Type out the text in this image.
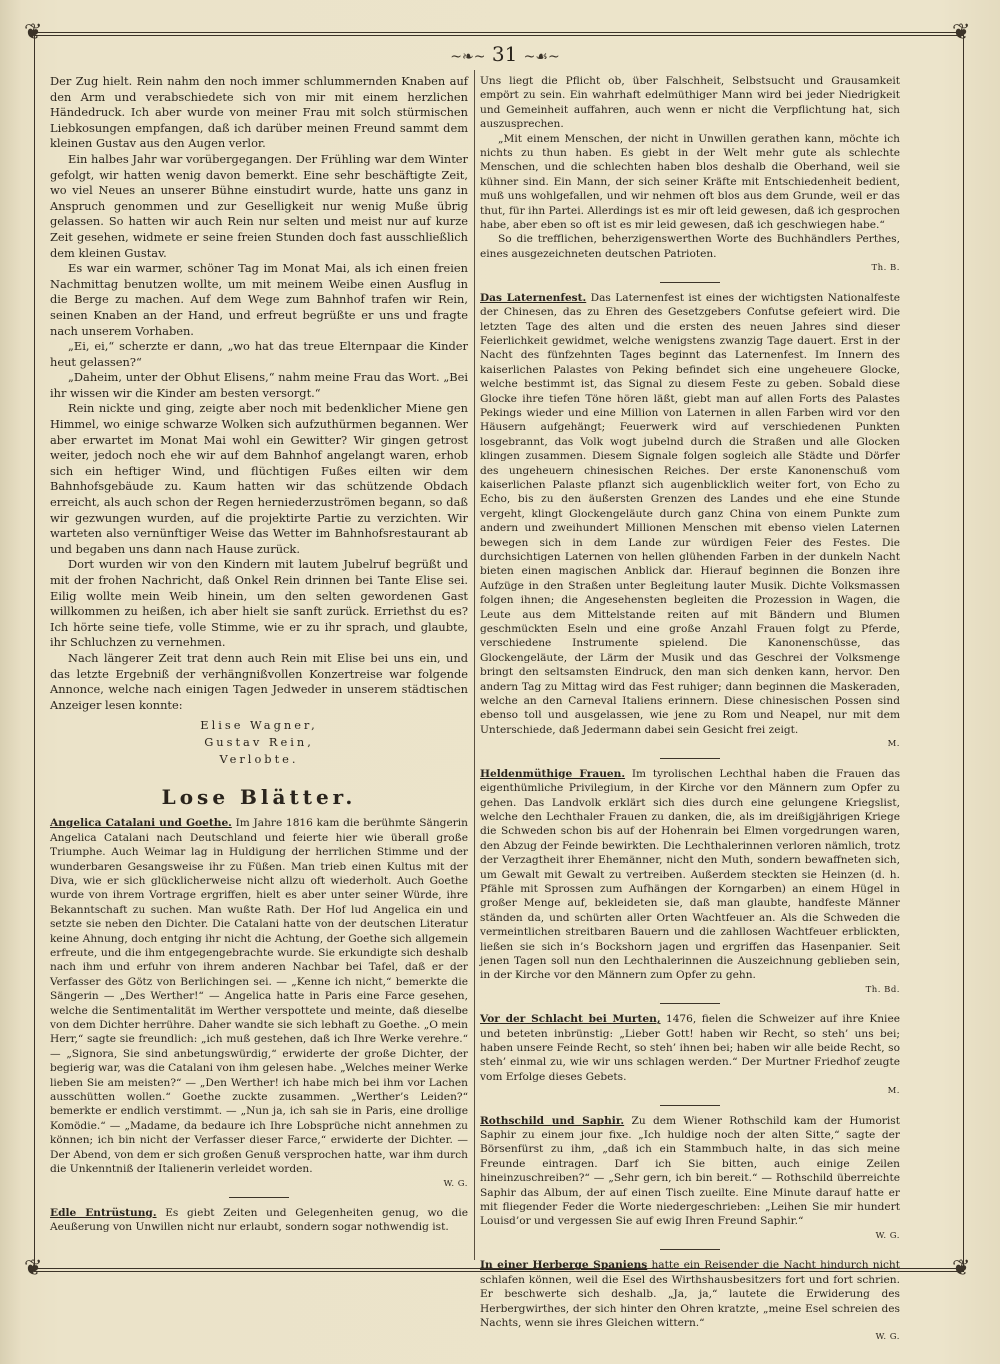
❦	❦
❦	❦
~❧~ 31 ~☙~

Der Zug hielt. Rein nahm den noch immer schlummernden Knaben auf den Arm und verabschiedete sich von mir mit einem herzlichen Händedruck. Ich aber wurde von meiner Frau mit solch stürmischen Liebkosungen empfangen, daß ich darüber meinen Freund sammt dem kleinen Gustav aus den Augen verlor.

Ein halbes Jahr war vorübergegangen. Der Frühling war dem Winter gefolgt, wir hatten wenig davon bemerkt. Eine sehr beschäftigte Zeit, wo viel Neues an unserer Bühne einstudirt wurde, hatte uns ganz in Anspruch genommen und zur Geselligkeit nur wenig Muße übrig gelassen. So hatten wir auch Rein nur selten und meist nur auf kurze Zeit gesehen, widmete er seine freien Stunden doch fast ausschließlich dem kleinen Gustav.

Es war ein warmer, schöner Tag im Monat Mai, als ich einen freien Nachmittag benutzen wollte, um mit meinem Weibe einen Ausflug in die Berge zu machen. Auf dem Wege zum Bahnhof trafen wir Rein, seinen Knaben an der Hand, und erfreut begrüßte er uns und fragte nach unserem Vorhaben.

„Ei, ei,“ scherzte er dann, „wo hat das treue Elternpaar die Kinder heut gelassen?“

„Daheim, unter der Obhut Elisens,“ nahm meine Frau das Wort. „Bei ihr wissen wir die Kinder am besten versorgt.“

Rein nickte und ging, zeigte aber noch mit bedenklicher Miene gen Himmel, wo einige schwarze Wolken sich aufzuthürmen begannen. Wer aber erwartet im Monat Mai wohl ein Gewitter? Wir gingen getrost weiter, jedoch noch ehe wir auf dem Bahnhof angelangt waren, erhob sich ein heftiger Wind, und flüchtigen Fußes eilten wir dem Bahnhofsgebäude zu. Kaum hatten wir das schützende Obdach erreicht, als auch schon der Regen herniederzuströmen begann, so daß wir gezwungen wurden, auf die projektirte Partie zu verzichten. Wir warteten also vernünftiger Weise das Wetter im Bahnhofsrestaurant ab und begaben uns dann nach Hause zurück.

Dort wurden wir von den Kindern mit lautem Jubelruf begrüßt und mit der frohen Nachricht, daß Onkel Rein drinnen bei Tante Elise sei. Eilig wollte mein Weib hinein, um den selten gewordenen Gast willkommen zu heißen, ich aber hielt sie sanft zurück. Erriethst du es? Ich hörte seine tiefe, volle Stimme, wie er zu ihr sprach, und glaubte, ihr Schluchzen zu vernehmen.

Nach längerer Zeit trat denn auch Rein mit Elise bei uns ein, und das letzte Ergebniß der verhängnißvollen Konzertreise war folgende Annonce, welche nach einigen Tagen Jedweder in unserem städtischen Anzeiger lesen konnte:

Elise Wagner,
Gustav Rein,
Verlobte.
Lose Blätter.

Angelica Catalani und Goethe. Im Jahre 1816 kam die berühmte Sängerin Angelica Catalani nach Deutschland und feierte hier wie überall große Triumphe. Auch Weimar lag in Huldigung der herrlichen Stimme und der wunderbaren Gesangsweise ihr zu Füßen. Man trieb einen Kultus mit der Diva, wie er sich glücklicherweise nicht allzu oft wiederholt. Auch Goethe wurde von ihrem Vortrage ergriffen, hielt es aber unter seiner Würde, ihre Bekanntschaft zu suchen. Man wußte Rath. Der Hof lud Angelica ein und setzte sie neben den Dichter. Die Catalani hatte von der deutschen Literatur keine Ahnung, doch entging ihr nicht die Achtung, der Goethe sich allgemein erfreute, und die ihm entgegengebrachte wurde. Sie erkundigte sich deshalb nach ihm und erfuhr von ihrem anderen Nachbar bei Tafel, daß er der Verfasser des Götz von Berlichingen sei. — „Kenne ich nicht,“ bemerkte die Sängerin — „Des Werther!“ — Angelica hatte in Paris eine Farce gesehen, welche die Sentimentalität im Werther verspottete und meinte, daß dieselbe von dem Dichter herrühre. Daher wandte sie sich lebhaft zu Goethe. „O mein Herr,“ sagte sie freundlich: „ich muß gestehen, daß ich Ihre Werke verehre.“ — „Signora, Sie sind anbetungswürdig,“ erwiderte der große Dichter, der begierig war, was die Catalani von ihm gelesen habe. „Welches meiner Werke lieben Sie am meisten?“ — „Den Werther! ich habe mich bei ihm vor Lachen ausschütten wollen.“ Goethe zuckte zusammen. „Werther’s Leiden?“ bemerkte er endlich verstimmt. — „Nun ja, ich sah sie in Paris, eine drollige Komödie.“ — „Madame, da bedaure ich Ihre Lobsprüche nicht annehmen zu können; ich bin nicht der Verfasser dieser Farce,“ erwiderte der Dichter. — Der Abend, von dem er sich großen Genuß versprochen hatte, war ihm durch die Unkenntniß der Italienerin verleidet worden.

W. G.

Edle Entrüstung. Es giebt Zeiten und Gelegenheiten genug, wo die Aeußerung von Unwillen nicht nur erlaubt, sondern sogar nothwendig ist.

Uns liegt die Pflicht ob, über Falschheit, Selbstsucht und Grausamkeit empört zu sein. Ein wahrhaft edelmüthiger Mann wird bei jeder Niedrigkeit und Gemeinheit auffahren, auch wenn er nicht die Verpflichtung hat, sich auszusprechen.

„Mit einem Menschen, der nicht in Unwillen gerathen kann, möchte ich nichts zu thun haben. Es giebt in der Welt mehr gute als schlechte Menschen, und die schlechten haben blos deshalb die Oberhand, weil sie kühner sind. Ein Mann, der sich seiner Kräfte mit Entschiedenheit bedient, muß uns wohlgefallen, und wir nehmen oft blos aus dem Grunde, weil er das thut, für ihn Partei. Allerdings ist es mir oft leid gewesen, daß ich gesprochen habe, aber eben so oft ist es mir leid gewesen, daß ich geschwiegen habe.“

So die trefflichen, beherzigenswerthen Worte des Buchhändlers Perthes, eines ausgezeichneten deutschen Patrioten.

Th. B.

Das Laternenfest. Das Laternenfest ist eines der wichtigsten Nationalfeste der Chinesen, das zu Ehren des Gesetzgebers Confutse gefeiert wird. Die letzten Tage des alten und die ersten des neuen Jahres sind dieser Feierlichkeit gewidmet, welche wenigstens zwanzig Tage dauert. Erst in der Nacht des fünfzehnten Tages beginnt das Laternenfest. Im Innern des kaiserlichen Palastes von Peking befindet sich eine ungeheuere Glocke, welche bestimmt ist, das Signal zu diesem Feste zu geben. Sobald diese Glocke ihre tiefen Töne hören läßt, giebt man auf allen Forts des Palastes Pekings wieder und eine Million von Laternen in allen Farben wird vor den Häusern aufgehängt; Feuerwerk wird auf verschiedenen Punkten losgebrannt, das Volk wogt jubelnd durch die Straßen und alle Glocken klingen zusammen. Diesem Signale folgen sogleich alle Städte und Dörfer des ungeheuern chinesischen Reiches. Der erste Kanonenschuß vom kaiserlichen Palaste pflanzt sich augenblicklich weiter fort, von Echo zu Echo, bis zu den äußersten Grenzen des Landes und ehe eine Stunde vergeht, klingt Glockengeläute durch ganz China von einem Punkte zum andern und zweihundert Millionen Menschen mit ebenso vielen Laternen bewegen sich in dem Lande zur würdigen Feier des Festes. Die durchsichtigen Laternen von hellen glühenden Farben in der dunkeln Nacht bieten einen magischen Anblick dar. Hierauf beginnen die Bonzen ihre Aufzüge in den Straßen unter Begleitung lauter Musik. Dichte Volksmassen folgen ihnen; die Angesehensten begleiten die Prozession in Wagen, die Leute aus dem Mittelstande reiten auf mit Bändern und Blumen geschmückten Eseln und eine große Anzahl Frauen folgt zu Pferde, verschiedene Instrumente spielend. Die Kanonenschüsse, das Glockengeläute, der Lärm der Musik und das Geschrei der Volksmenge bringt den seltsamsten Eindruck, den man sich denken kann, hervor. Den andern Tag zu Mittag wird das Fest ruhiger; dann beginnen die Maskeraden, welche an den Carneval Italiens erinnern. Diese chinesischen Possen sind ebenso toll und ausgelassen, wie jene zu Rom und Neapel, nur mit dem Unterschiede, daß Jedermann dabei sein Gesicht frei zeigt.

M.

Heldenmüthige Frauen. Im tyrolischen Lechthal haben die Frauen das eigenthümliche Privilegium, in der Kirche vor den Männern zum Opfer zu gehen. Das Landvolk erklärt sich dies durch eine gelungene Kriegslist, welche den Lechthaler Frauen zu danken, die, als im dreißigjährigen Kriege die Schweden schon bis auf der Hohenrain bei Elmen vorgedrungen waren, den Abzug der Feinde bewirkten. Die Lechthalerinnen verloren nämlich, trotz der Verzagtheit ihrer Ehemänner, nicht den Muth, sondern bewaffneten sich, um Gewalt mit Gewalt zu vertreiben. Außerdem steckten sie Heinzen (d. h. Pfähle mit Sprossen zum Aufhängen der Korngarben) an einem Hügel in großer Menge auf, bekleideten sie, daß man glaubte, handfeste Männer ständen da, und schürten aller Orten Wachtfeuer an. Als die Schweden die vermeintlichen streitbaren Bauern und die zahllosen Wachtfeuer erblickten, ließen sie sich in’s Bockshorn jagen und ergriffen das Hasenpanier. Seit jenen Tagen soll nun den Lechthalerinnen die Auszeichnung geblieben sein, in der Kirche vor den Männern zum Opfer zu gehn.

Th. Bd.

Vor der Schlacht bei Murten, 1476, fielen die Schweizer auf ihre Kniee und beteten inbrünstig: „Lieber Gott! haben wir Recht, so steh’ uns bei; haben unsere Feinde Recht, so steh’ ihnen bei; haben wir alle beide Recht, so steh’ einmal zu, wie wir uns schlagen werden.“ Der Murtner Friedhof zeugte vom Erfolge dieses Gebets.

M.

Rothschild und Saphir. Zu dem Wiener Rothschild kam der Humorist Saphir zu einem jour fixe. „Ich huldige noch der alten Sitte,“ sagte der Börsenfürst zu ihm, „daß ich ein Stammbuch halte, in das sich meine Freunde eintragen. Darf ich Sie bitten, auch einige Zeilen hineinzuschreiben?“ — „Sehr gern, ich bin bereit.“ — Rothschild überreichte Saphir das Album, der auf einen Tisch zueilte. Eine Minute darauf hatte er mit fliegender Feder die Worte niedergeschrieben: „Leihen Sie mir hundert Louisd’or und vergessen Sie auf ewig Ihren Freund Saphir.“

W. G.

In einer Herberge Spaniens hatte ein Reisender die Nacht hindurch nicht schlafen können, weil die Esel des Wirthshausbesitzers fort und fort schrien. Er beschwerte sich deshalb. „Ja, ja,“ lautete die Erwiderung des Herbergwirthes, der sich hinter den Ohren kratzte, „meine Esel schreien des Nachts, wenn sie ihres Gleichen wittern.“

W. G.
